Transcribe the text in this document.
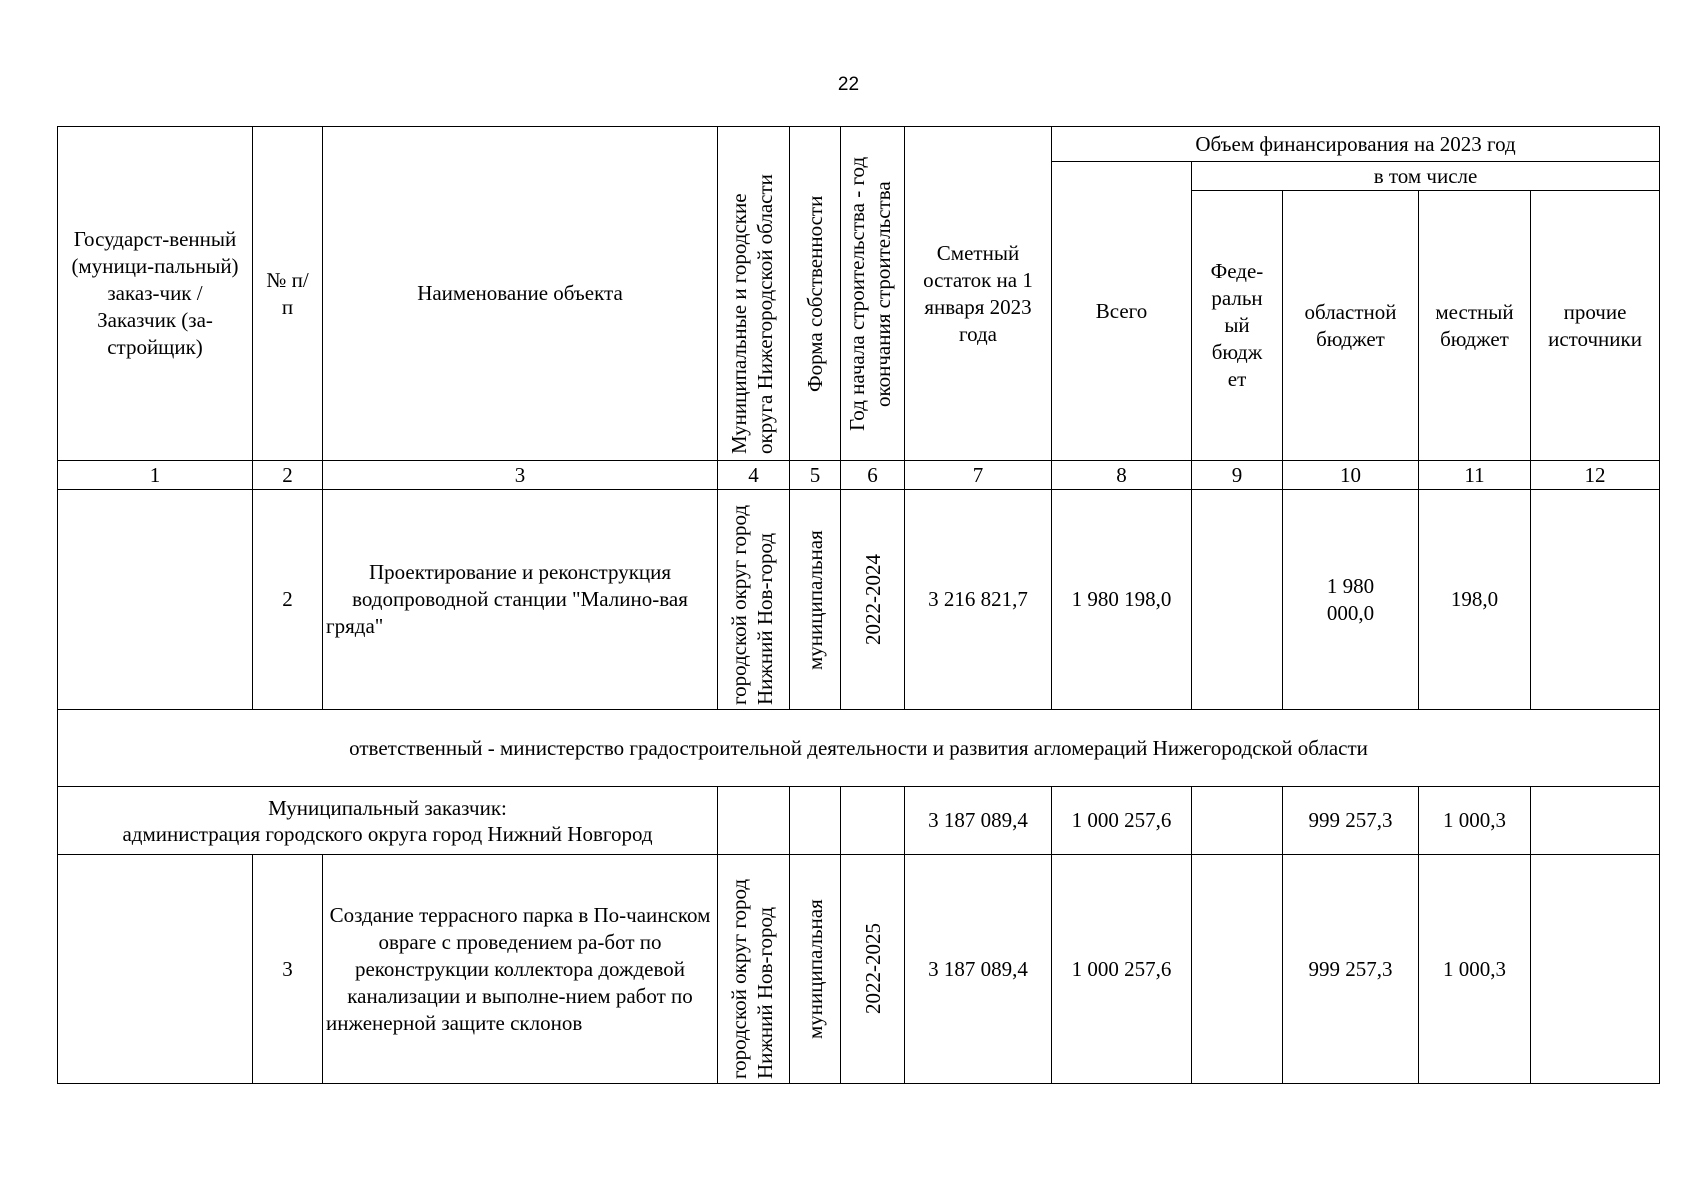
22
Государст-венный (муници-пальный) заказ-чик / Заказчик (за-стройщик)	№ п/п	Наименование объекта	Муниципальные и городские округа Нижегородской области	Форма собственности	Год начала строительства - год окончания строительства	Сметный остаток на 1 января 2023 года	Объем финансирования на 2023 год				
							Всего	в том числе			
								Феде-ральн ый бюдж ет	областной бюджет	местный бюджет	прочие источники
1	2	3	4	5	6	7	8	9	10	11	12
	2	Проектирование и реконструкция водопроводной станции "Малино-вая гряда"	городской округ город Нижний Нов-город	муниципальная	2022-2024	3 216 821,7	1 980 198,0		1 980 000,0	198,0	
ответственный - министерство градостроительной деятельности и развития агломераций Нижегородской области											

Муниципальный заказчик:
администрация городского округа город Нижний Новгород						3 187 089,4	1 000 257,6		999 257,3	1 000,3	
	3	Создание террасного парка в По-чаинском овраге с проведением ра-бот по реконструкции коллектора дождевой канализации и выполне-нием работ по инженерной защите склонов	городской округ город Нижний Нов-город	муниципальная	2022-2025	3 187 089,4	1 000 257,6		999 257,3	1 000,3	
